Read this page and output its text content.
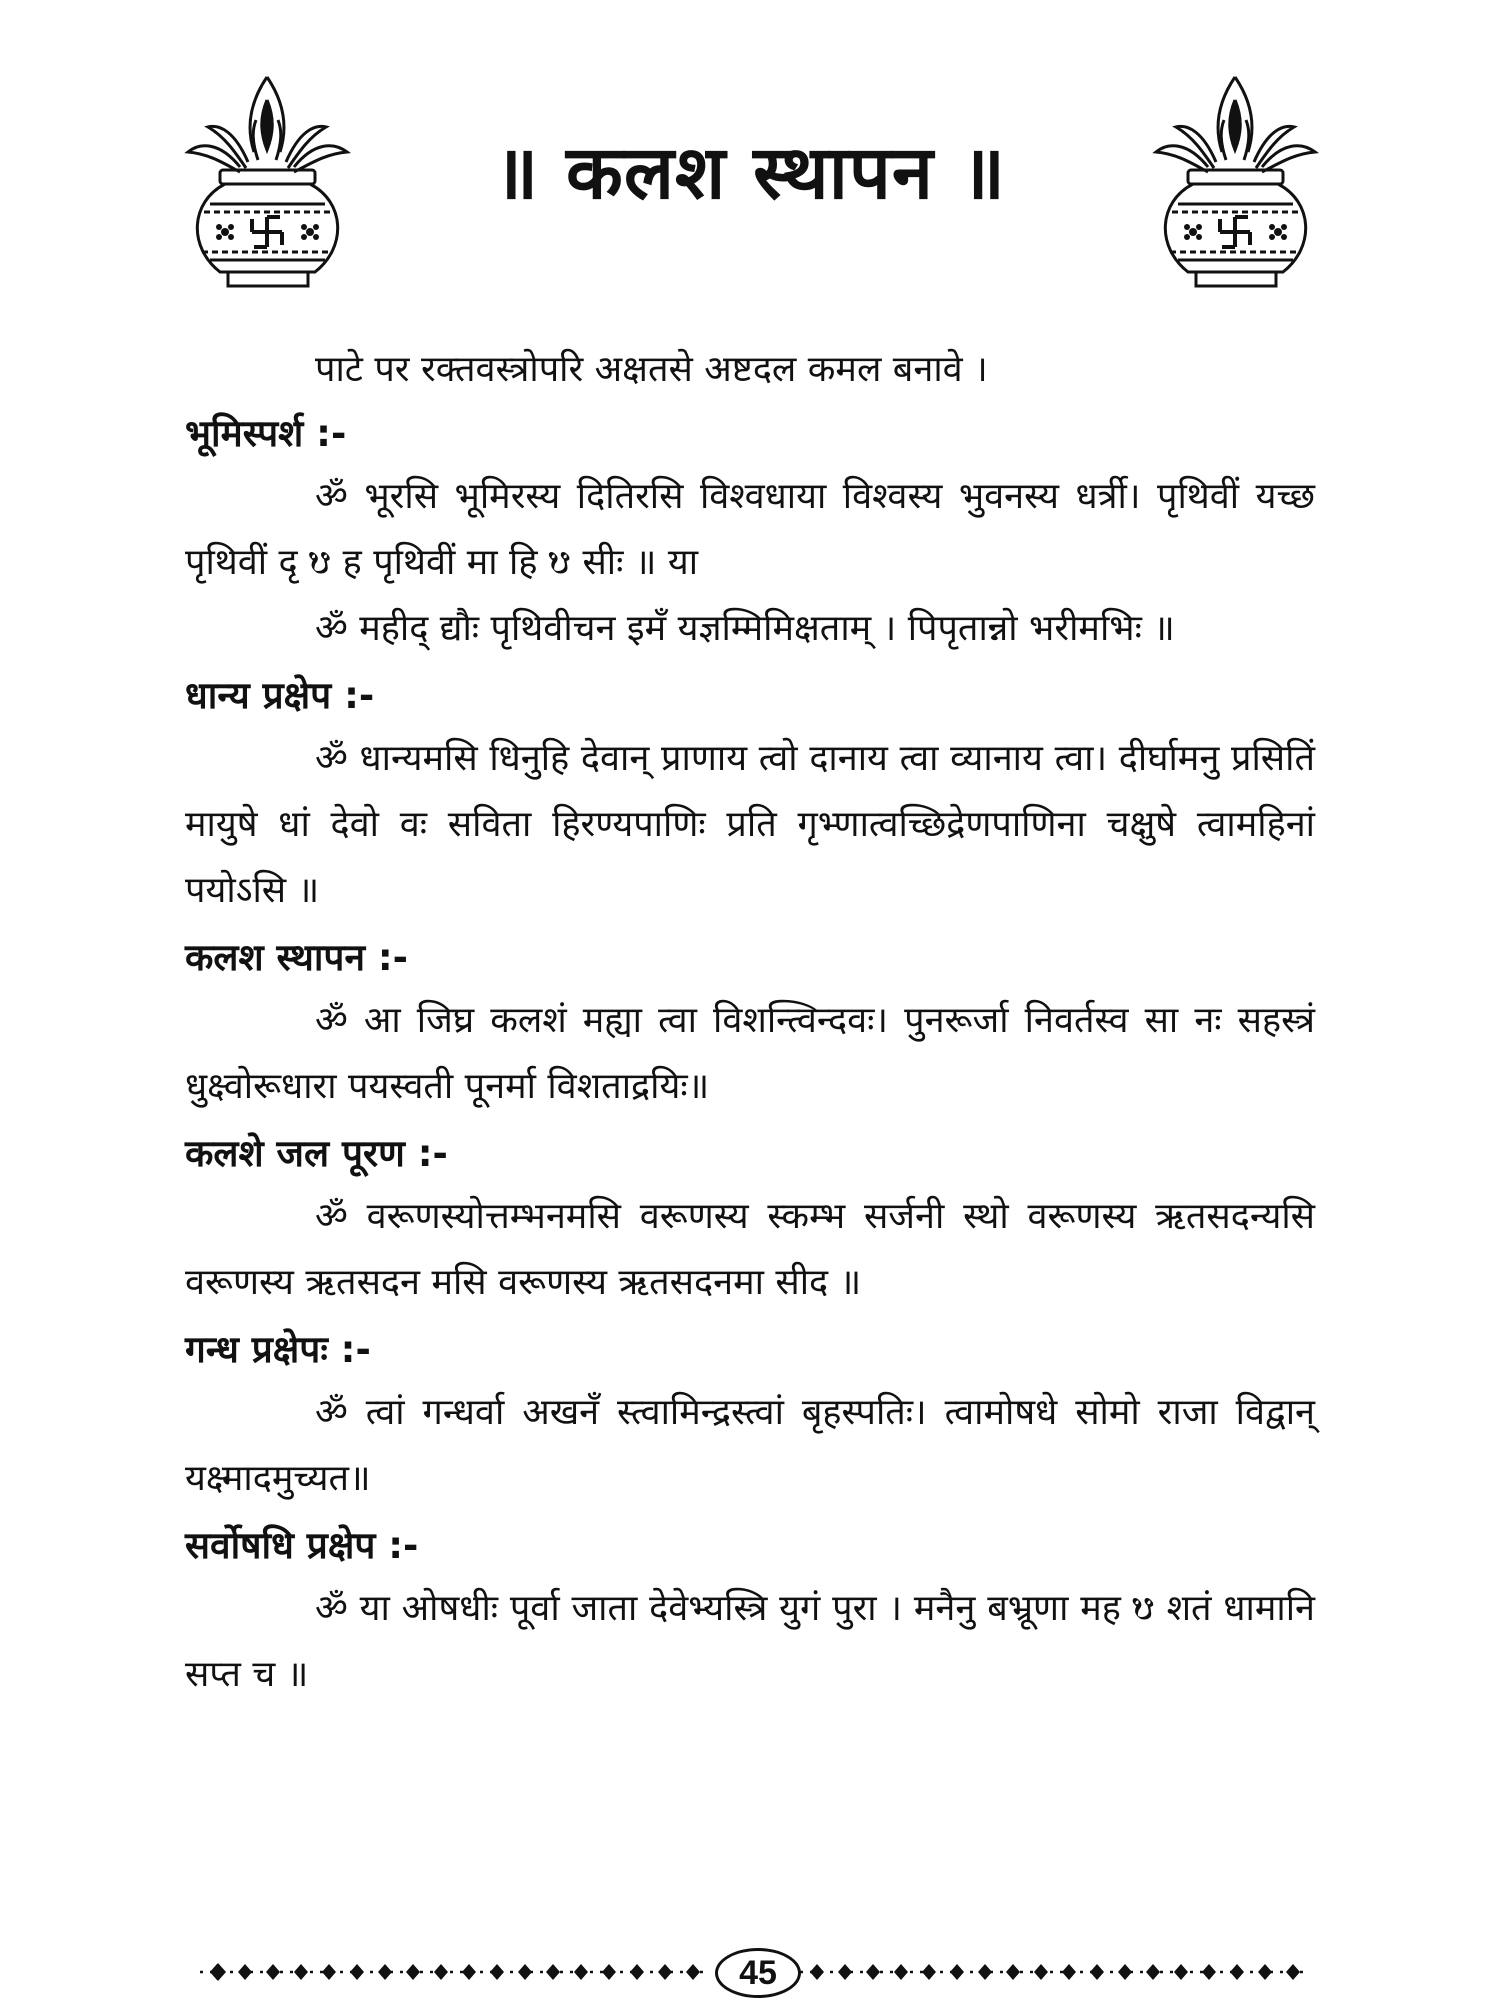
॥ कलश स्थापन ॥
पाटे पर रक्तवस्त्रोपरि अक्षतसे अष्टदल कमल बनावे ।
भूमिस्पर्श :-
ॐ भूरसि भूमिरस्य दितिरसि विश्वधाया विश्वस्य भुवनस्य धर्त्री। पृथिवीं यच्छ पृथिवीं दृ ᳪ ह पृथिवीं मा हि ᳪ सीः ॥ या
ॐ महीद् द्यौः पृथिवीचन इमँ यज्ञम्मिमिक्षताम् । पिपृतान्नो भरीमभिः ॥
धान्य प्रक्षेप :-
ॐ धान्यमसि धिनुहि देवान् प्राणाय त्वो दानाय त्वा व्यानाय त्वा। दीर्घामनु प्रसितिं मायुषे धां देवो वः सविता हिरण्यपाणिः प्रति गृभ्णात्वच्छिद्रेणपाणिना चक्षुषे त्वामहिनां पयोऽसि ॥
कलश स्थापन :-
ॐ आ जिघ्र कलशं मह्या त्वा विशन्त्विन्दवः। पुनरूर्जा निवर्तस्व सा नः सहस्त्रं धुक्ष्वोरूधारा पयस्वती पूनर्मा विशताद्रयिः॥
कलशे जल पूरण :-
ॐ वरूणस्योत्तम्भनमसि वरूणस्य स्कम्भ सर्जनी स्थो वरूणस्य ऋतसदन्यसि वरूणस्य ऋतसदन मसि वरूणस्य ऋतसदनमा सीद ॥
गन्ध प्रक्षेपः :-
ॐ त्वां गन्धर्वा अखनँ स्त्वामिन्द्रस्त्वां बृहस्पतिः। त्वामोषधे सोमो राजा विद्वान् यक्ष्मादमुच्यत॥
सर्वोषधि प्रक्षेप :-
ॐ या ओषधीः पूर्वा जाता देवेभ्यस्त्रि युगं पुरा । मनैनु बभ्रूणा मह ᳪ शतं धामानि सप्त च ॥
45
